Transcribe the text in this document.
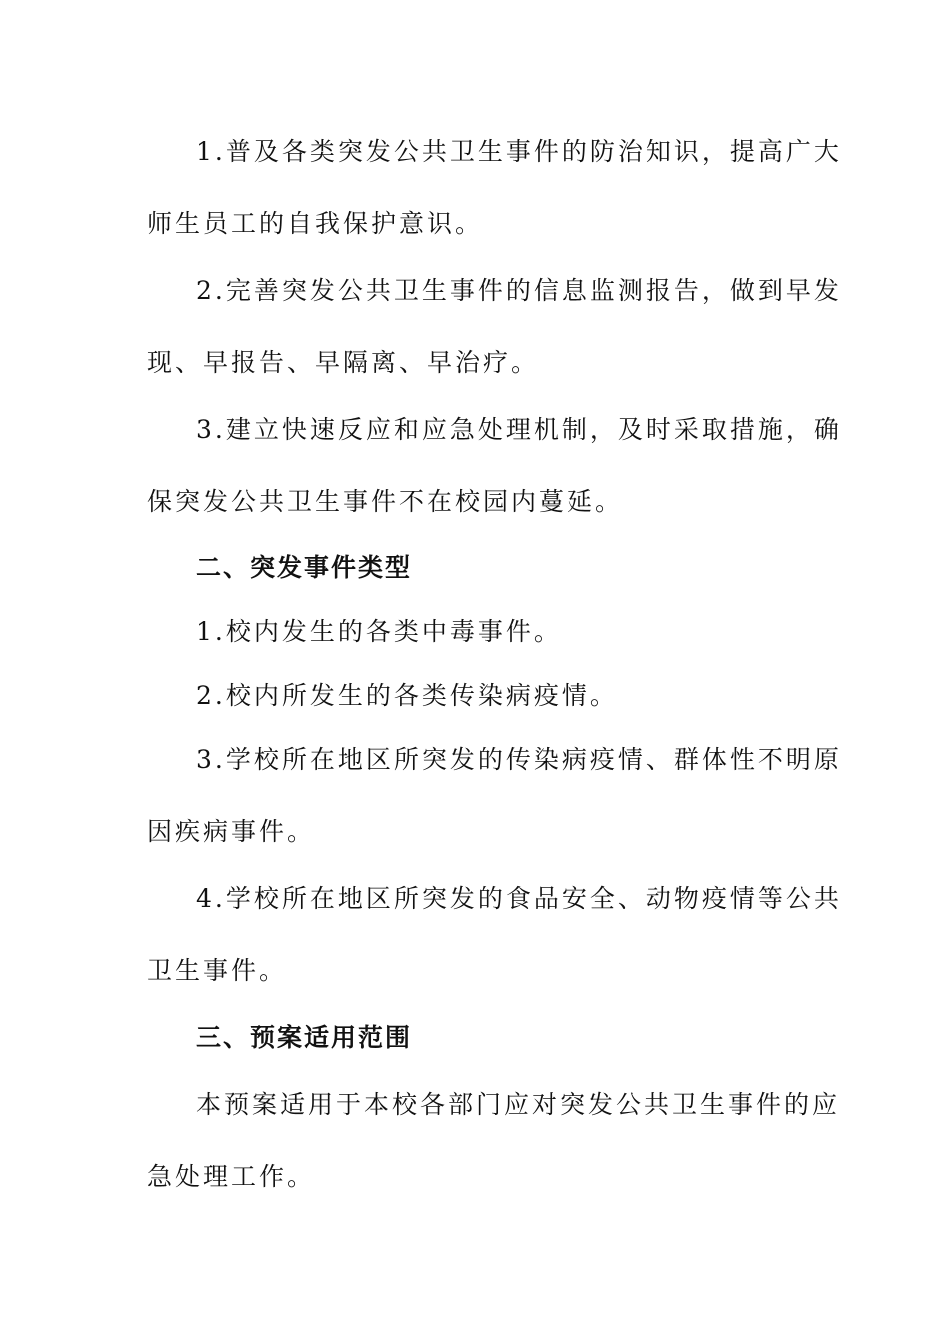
1.普及各类突发公共卫生事件的防治知识，提高广大
师生员工的自我保护意识。
2.完善突发公共卫生事件的信息监测报告，做到早发
现、早报告、早隔离、早治疗。
3.建立快速反应和应急处理机制，及时采取措施，确
保突发公共卫生事件不在校园内蔓延。
二、突发事件类型
1.校内发生的各类中毒事件。
2.校内所发生的各类传染病疫情。
3.学校所在地区所突发的传染病疫情、群体性不明原
因疾病事件。
4.学校所在地区所突发的食品安全、动物疫情等公共
卫生事件。
三、预案适用范围
本预案适用于本校各部门应对突发公共卫生事件的应
急处理工作。
